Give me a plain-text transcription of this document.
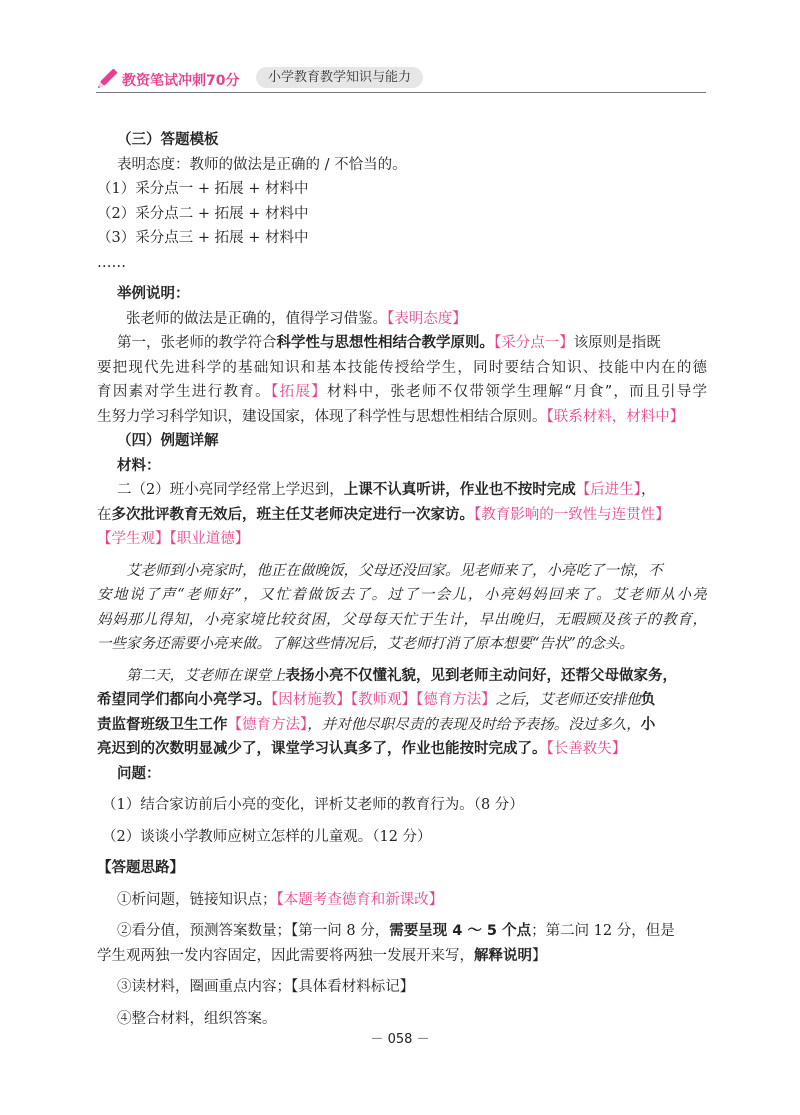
教资笔试冲刺70分	小学教育教学知识与能力
（三）答题模板
表明态度：教师的做法是正确的 / 不恰当的。
（1）采分点一 + 拓展 + 材料中
（2）采分点二 + 拓展 + 材料中
（3）采分点三 + 拓展 + 材料中
……
举例说明：
张老师的做法是正确的，值得学习借鉴。【表明态度】
第一，张老师的教学符合科学性与思想性相结合教学原则。【采分点一】该原则是指既
要把现代先进科学的基础知识和基本技能传授给学生，同时要结合知识、技能中内在的德
育因素对学生进行教育。【拓展】材料中，张老师不仅带领学生理解“月食”，而且引导学
生努力学习科学知识，建设国家，体现了科学性与思想性相结合原则。【联系材料，材料中】
（四）例题详解
材料：
二（2）班小亮同学经常上学迟到，上课不认真听讲，作业也不按时完成【后进生】，
在多次批评教育无效后，班主任艾老师决定进行一次家访。【教育影响的一致性与连贯性】
【学生观】【职业道德】
艾老师到小亮家时，他正在做晚饭，父母还没回家。见老师来了，小亮吃了一惊，不
安地说了声“老师好”，又忙着做饭去了。过了一会儿，小亮妈妈回来了。艾老师从小亮
妈妈那儿得知，小亮家境比较贫困，父母每天忙于生计，早出晚归，无暇顾及孩子的教育，
一些家务还需要小亮来做。了解这些情况后，艾老师打消了原本想要“告状”的念头。
第二天，艾老师在课堂上表扬小亮不仅懂礼貌，见到老师主动问好，还帮父母做家务，
希望同学们都向小亮学习。【因材施教】【教师观】【德育方法】之后，艾老师还安排他负
责监督班级卫生工作【德育方法】，并对他尽职尽责的表现及时给予表扬。没过多久，小
亮迟到的次数明显减少了，课堂学习认真多了，作业也能按时完成了。【长善救失】
问题：
（1）结合家访前后小亮的变化，评析艾老师的教育行为。（8 分）
（2）谈谈小学教师应树立怎样的儿童观。（12 分）
【答题思路】
①析问题，链接知识点；【本题考查德育和新课改】
②看分值，预测答案数量；【第一问 8 分，需要呈现 4 ～ 5 个点；第二问 12 分，但是
学生观两独一发内容固定，因此需要将两独一发展开来写，解释说明】
③读材料，圈画重点内容；【具体看材料标记】
④整合材料，组织答案。
－ 058 －
